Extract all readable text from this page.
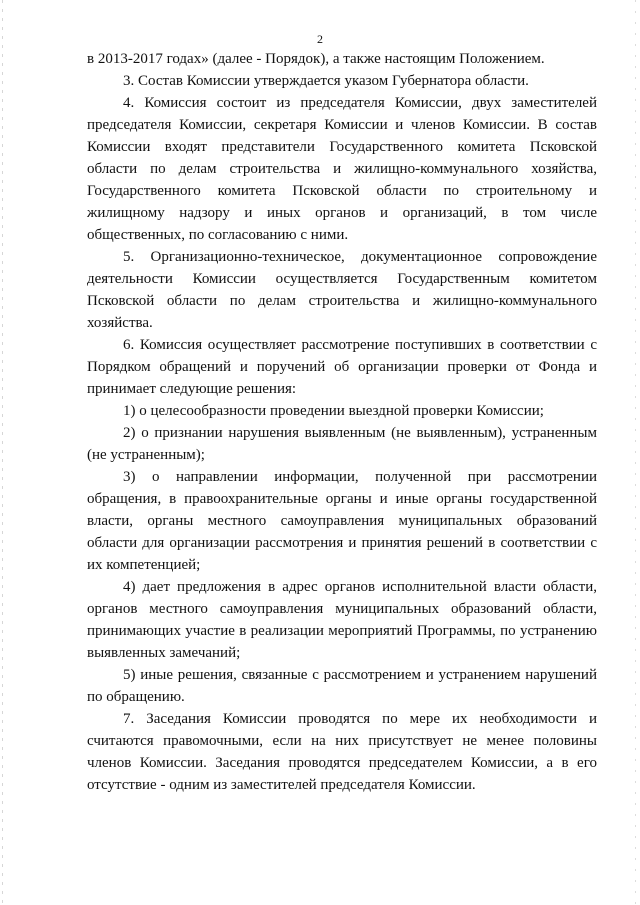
2

в 2013-2017 годах» (далее - Порядок), а также настоящим Положением.

3. Состав Комиссии утверждается указом Губернатора области.

4. Комиссия состоит из председателя Комиссии, двух заместителей председателя Комиссии, секретаря Комиссии и членов Комиссии. В состав Комиссии входят представители Государственного комитета Псковской области по делам строительства и жилищно-коммунального хозяйства, Государственного комитета Псковской области по строительному и жилищному надзору и иных органов и организаций, в том числе общественных, по согласованию с ними.

5. Организационно-техническое, документационное сопровождение деятельности Комиссии осуществляется Государственным комитетом Псковской области по делам строительства и жилищно-коммунального хозяйства.

6. Комиссия осуществляет рассмотрение поступивших в соответствии с Порядком обращений и поручений об организации проверки от Фонда и принимает следующие решения:

1) о целесообразности проведении выездной проверки Комиссии;

2) о признании нарушения выявленным (не выявленным), устраненным (не устраненным);

3) о направлении информации, полученной при рассмотрении обращения, в правоохранительные органы и иные органы государственной власти, органы местного самоуправления муниципальных образований области для организации рассмотрения и принятия решений в соответствии с их компетенцией;

4) дает предложения в адрес органов исполнительной власти области, органов местного самоуправления муниципальных образований области, принимающих участие в реализации мероприятий Программы, по устранению выявленных замечаний;

5) иные решения, связанные с рассмотрением и устранением нарушений по обращению.

7. Заседания Комиссии проводятся по мере их необходимости и считаются правомочными, если на них присутствует не менее половины членов Комиссии. Заседания проводятся председателем Комиссии, а в его отсутствие - одним из заместителей председателя Комиссии.
